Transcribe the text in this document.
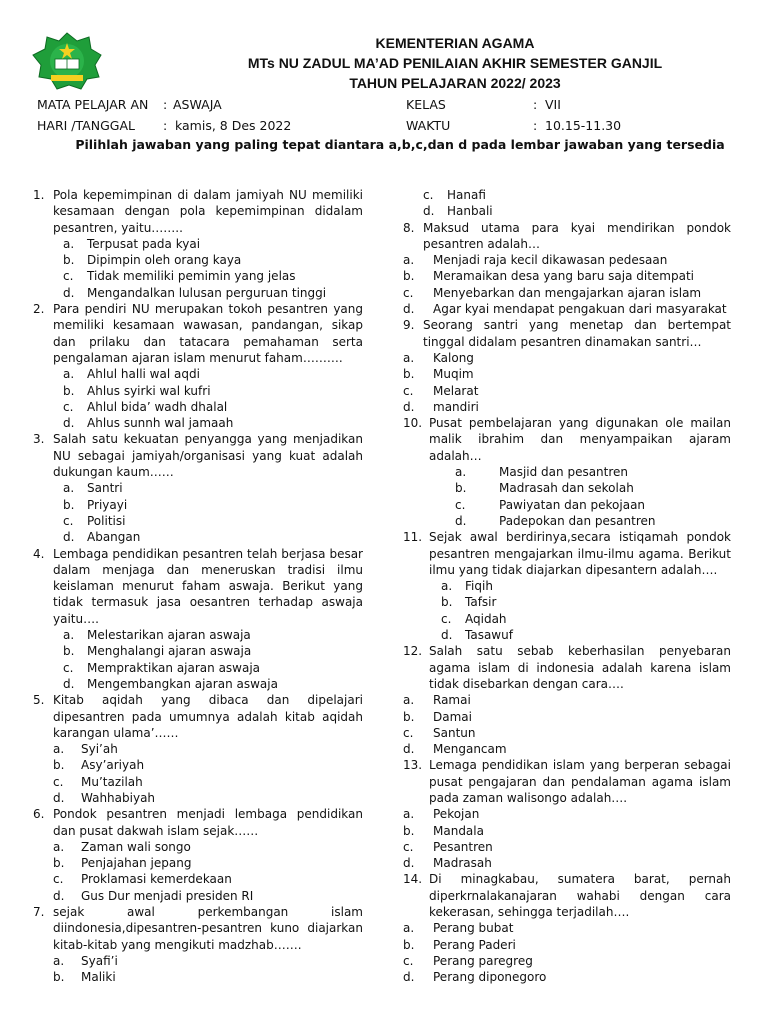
KEMENTERIAN AGAMA
MTs NU ZADUL MA’AD PENILAIAN AKHIR SEMESTER GANJIL
TAHUN PELAJARAN 2022/ 2023
MATA PELAJAR AN : ASWAJA
HARI /TANGGAL : kamis, 8 Des 2022
KELAS	: VII
WAKTU	: 10.15-11.30
Pilihlah jawaban yang paling tepat diantara a,b,c,dan d pada lembar jawaban yang tersedia
1. Pola kepemimpinan di dalam jamiyah NU memiliki kesamaan dengan pola kepemimpinan didalam pesantren, yaitu……..
a.	Terpusat pada kyai
b.	Dipimpin oleh orang kaya
c.	Tidak memiliki pemimin yang jelas
d.	Mengandalkan lulusan perguruan tinggi
2. Para pendiri NU merupakan tokoh pesantren yang memiliki kesamaan wawasan, pandangan, sikap dan prilaku dan tatacara pemahaman serta pengalaman ajaran islam menurut faham……….
a.	Ahlul halli wal aqdi
b.	Ahlus syirki wal kufri
c.	Ahlul bida’ wadh dhalal
d.	Ahlus sunnh wal jamaah
3. Salah satu kekuatan penyangga yang menjadikan NU sebagai jamiyah/organisasi yang kuat adalah dukungan kaum……
a.	Santri
b.	Priyayi
c.	Politisi
d.	Abangan
4. Lembaga pendidikan pesantren telah berjasa besar dalam menjaga dan meneruskan tradisi ilmu keislaman menurut faham aswaja. Berikut yang tidak termasuk jasa oesantren terhadap aswaja yaitu….
a.	Melestarikan ajaran aswaja
b.	Menghalangi ajaran aswaja
c.	Mempraktikan ajaran aswaja
d.	Mengembangkan ajaran aswaja
5. Kitab aqidah yang dibaca dan dipelajari dipesantren pada umumnya adalah kitab aqidah karangan ulama’……
a.	Syi’ah
b.	Asy’ariyah
c.	Mu’tazilah
d.	Wahhabiyah
6. Pondok pesantren menjadi lembaga pendidikan dan pusat dakwah islam sejak……
a.	Zaman wali songo
b.	Penjajahan jepang
c.	Proklamasi kemerdekaan
d.	Gus Dur menjadi presiden RI
7. sejak awal perkembangan islam diindonesia,dipesantren-pesantren kuno diajarkan kitab-kitab yang mengikuti madzhab…….
a.	Syafi’i
b.	Maliki
c.	Hanafi
d.	Hanbali
8. Maksud utama para kyai mendirikan pondok pesantren adalah…
a.	Menjadi raja kecil dikawasan pedesaan
b.	Meramaikan desa yang baru saja ditempati
c.	Menyebarkan dan mengajarkan ajaran islam
d.	Agar kyai mendapat pengakuan dari masyarakat
9. Seorang santri yang menetap dan bertempat tinggal didalam pesantren dinamakan santri…
a.	Kalong
b.	Muqim
c.	Melarat
d.	mandiri
10. Pusat pembelajaran yang digunakan ole mailan malik ibrahim dan menyampaikan ajaram adalah…
a.	Masjid dan pesantren
b.	Madrasah dan sekolah
c.	Pawiyatan dan pekojaan
d.	Padepokan dan pesantren
11. Sejak awal berdirinya,secara istiqamah pondok pesantren mengajarkan ilmu-ilmu agama. Berikut ilmu yang tidak diajarkan dipesantern adalah….
a.	Fiqih
b.	Tafsir
c.	Aqidah
d.	Tasawuf
12. Salah satu sebab keberhasilan penyebaran agama islam di indonesia adalah karena islam tidak disebarkan dengan cara….
a.	Ramai
b.	Damai
c.	Santun
d.	Mengancam
13. Lemaga pendidikan islam yang berperan sebagai pusat pengajaran dan pendalaman agama islam pada zaman walisongo adalah….
a.	Pekojan
b.	Mandala
c.	Pesantren
d.	Madrasah
14. Di minagkabau, sumatera barat, pernah diperkrnalakanajaran wahabi dengan cara kekerasan, sehingga terjadilah….
a.	Perang bubat
b.	Perang Paderi
c.	Perang paregreg
d.	Perang diponegoro
